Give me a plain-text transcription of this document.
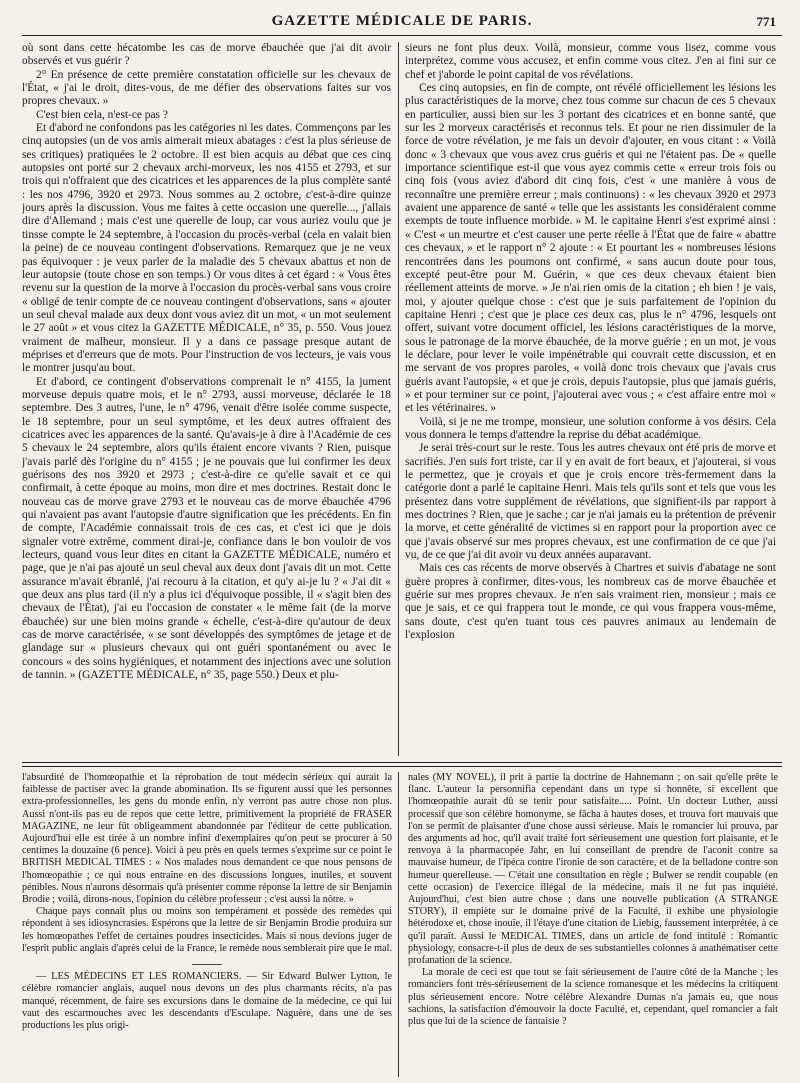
GAZETTE MÉDICALE DE PARIS.	771

où sont dans cette hécatombe les cas de morve ébauchée que j'ai dit avoir observés et vus guérir ?

2° En présence de cette première constatation officielle sur les chevaux de l'État, « j'ai le droit, dites-vous, de me défier des observations faites sur vos propres chevaux. »

C'est bien cela, n'est-ce pas ?

Et d'abord ne confondons pas les catégories ni les dates. Commençons par les cinq autopsies (un de vos amis aimerait mieux abatages : c'est la plus sérieuse de ses critiques) pratiquées le 2 octobre. Il est bien acquis au débat que ces cinq autopsies ont porté sur 2 chevaux archi-morveux, les nos 4155 et 2793, et sur trois qui n'offraient que des cicatrices et les apparences de la plus complète santé : les nos 4796, 3920 et 2973. Nous sommes au 2 octobre, c'est-à-dire quinze jours après la discussion. Vous me faites à cette occasion une querelle..., j'allais dire d'Allemand ; mais c'est une querelle de loup, car vous auriez voulu que je tinsse compte le 24 septembre, à l'occasion du procès-verbal (cela en valait bien la peine) de ce nouveau contingent d'observations. Remarquez que je ne veux pas équivoquer : je veux parler de la maladie des 5 chevaux abattus et non de leur autopsie (toute chose en son temps.) Or vous dites à cet égard : « Vous êtes revenu sur la question de la morve à l'occasion du procès-verbal sans vous croire « obligé de tenir compte de ce nouveau contingent d'observations, sans « ajouter un seul cheval malade aux deux dont vous aviez dit un mot, « un mot seulement le 27 août » et vous citez la GAZETTE MÉDICALE, n° 35, p. 550. Vous jouez vraiment de malheur, monsieur. Il y a dans ce passage presque autant de méprises et d'erreurs que de mots. Pour l'instruction de vos lecteurs, je vais vous le montrer jusqu'au bout.

Et d'abord, ce contingent d'observations comprenait le n° 4155, la jument morveuse depuis quatre mois, et le n° 2793, aussi morveuse, déclarée le 18 septembre. Des 3 autres, l'une, le n° 4796, venait d'être isolée comme suspecte, le 18 septembre, pour un seul symptôme, et les deux autres offraient des cicatrices avec les apparences de la santé. Qu'avais-je à dire à l'Académie de ces 5 chevaux le 24 septembre, alors qu'ils étaient encore vivants ? Rien, puisque j'avais parlé dès l'origine du n° 4155 ; je ne pouvais que lui confirmer les deux guérisons des nos 3920 et 2973 ; c'est-à-dire ce qu'elle savait et ce qui confirmait, à cette époque au moins, mon dire et mes doctrines. Restait donc le nouveau cas de morve grave 2793 et le nouveau cas de morve ébauchée 4796 qui n'avaient pas avant l'autopsie d'autre signification que les précédents. En fin de compte, l'Académie connaissait trois de ces cas, et c'est ici que je dois signaler votre extrême, comment dirai-je, confiance dans le bon vouloir de vos lecteurs, quand vous leur dites en citant la GAZETTE MÉDICALE, numéro et page, que je n'ai pas ajouté un seul cheval aux deux dont j'avais dit un mot. Cette assurance m'avait ébranlé, j'ai recouru à la citation, et qu'y ai-je lu ? « J'ai dit « que deux ans plus tard (il n'y a plus ici d'équivoque possible, il « s'agit bien des chevaux de l'État), j'ai eu l'occasion de constater « le même fait (de la morve ébauchée) sur une bien moins grande « échelle, c'est-à-dire qu'autour de deux cas de morve caractérisée, « se sont développés des symptômes de jetage et de glandage sur « plusieurs chevaux qui ont guéri spontanément ou avec le concours « des soins hygiéniques, et notamment des injections avec une solution de tannin. » (GAZETTE MÉDICALE, n° 35, page 550.) Deux et plu-

sieurs ne font plus deux. Voilà, monsieur, comme vous lisez, comme vous interprétez, comme vous accusez, et enfin comme vous citez. J'en ai fini sur ce chef et j'aborde le point capital de vos révélations.

Ces cinq autopsies, en fin de compte, ont révélé officiellement les lésions les plus caractéristiques de la morve, chez tous comme sur chacun de ces 5 chevaux en particulier, aussi bien sur les 3 portant des cicatrices et en bonne santé, que sur les 2 morveux caractérisés et reconnus tels. Et pour ne rien dissimuler de la force de votre révélation, je me fais un devoir d'ajouter, en vous citant : « Voilà donc « 3 chevaux que vous avez crus guéris et qui ne l'étaient pas. De « quelle importance scientifique est-il que vous ayez commis cette « erreur trois fois ou cinq fois (vous aviez d'abord dit cinq fois, c'est « une manière à vous de reconnaître une première erreur ; mais continuons) : « les chevaux 3920 et 2973 avaient une apparence de santé « telle que les assistants les considéraient comme exempts de toute influence morbide. » M. le capitaine Henri s'est exprimé ainsi : « C'est « un meurtre et c'est causer une perte réelle à l'État que de faire « abattre ces chevaux, » et le rapport n° 2 ajoute : « Et pourtant les « nombreuses lésions rencontrées dans les poumons ont confirmé, « sans aucun doute pour tous, excepté peut-être pour M. Guérin, « que ces deux chevaux étaient bien réellement atteints de morve. » Je n'ai rien omis de la citation ; eh bien ! je vais, moi, y ajouter quelque chose : c'est que je suis parfaitement de l'opinion du capitaine Henri ; c'est que je place ces deux cas, plus le n° 4796, lesquels ont offert, suivant votre document officiel, les lésions caractéristiques de la morve, sous le patronage de la morve ébauchée, de la morve guérie ; en un mot, je vous le déclare, pour lever le voile impénétrable qui couvrait cette discussion, et en me servant de vos propres paroles, « voilà donc trois chevaux que j'avais crus guéris avant l'autopsie, « et que je crois, depuis l'autopsie, plus que jamais guéris, » et pour terminer sur ce point, j'ajouterai avec vous ; « c'est affaire entre moi « et les vétérinaires. »

Voilà, si je ne me trompe, monsieur, une solution conforme à vos désirs. Cela vous donnera le temps d'attendre la reprise du débat académique.

Je serai très-court sur le reste. Tous les autres chevaux ont été pris de morve et sacrifiés. J'en suis fort triste, car il y en avait de fort beaux, et j'ajouterai, si vous le permettez, que je croyais et que je crois encore très-fermement dans la catégorie dont a parlé le capitaine Henri. Mais tels qu'ils sont et tels que vous les présentez dans votre supplément de révélations, que signifient-ils par rapport à mes doctrines ? Rien, que je sache ; car je n'ai jamais eu la prétention de prévenir la morve, et cette généralité de victimes si en rapport pour la proportion avec ce que j'avais observé sur mes propres chevaux, est une confirmation de ce que j'ai vu, de ce que j'ai dit avoir vu deux années auparavant.

Mais ces cas récents de morve observés à Chartres et suivis d'abatage ne sont guère propres à confirmer, dites-vous, les nombreux cas de morve ébauchée et guérie sur mes propres chevaux. Je n'en sais vraiment rien, monsieur ; mais ce que je sais, et ce qui frappera tout le monde, ce qui vous frappera vous-même, sans doute, c'est qu'en tuant tous ces pauvres animaux au lendemain de l'explosion

l'absurdité de l'homœopathie et la réprobation de tout médecin sérieux qui aurait la faiblesse de pactiser avec la grande abomination. Ils se figurent aussi que les personnes extra-professionnelles, les gens du monde enfin, n'y verront pas autre chose non plus. Aussi n'ont-ils pas eu de repos que cette lettre, primitivement la propriété de FRASER MAGAZINE, ne leur fût obligeamment abandonnée par l'éditeur de cette publication. Aujourd'hui elle est tirée à un nombre infini d'exemplaires qu'on peut se procurer à 50 centimes la douzaine (6 pence). Voici à peu près en quels termes s'exprime sur ce point le BRITISH MEDICAL TIMES : « Nos malades nous demandent ce que nous pensons de l'homœopathie ; ce qui nous entraîne en des discussions longues, inutiles, et souvent pénibles. Nous n'aurons désormais qu'à présenter comme réponse la lettre de sir Benjamin Brodie ; voilà, dirons-nous, l'opinion du célèbre professeur ; c'est aussi la nôtre. »

Chaque pays connaît plus ou moins son tempérament et possède des remèdes qui répondent à ses idiosyncrasies. Espérons que la lettre de sir Benjamin Brodie produira sur les homœopathes l'effet de certaines poudres insecticides. Mais si nous devions juger de l'esprit public anglais d'après celui de la France, le remède nous semblerait pire que le mal.

— LES MÉDECINS ET LES ROMANCIERS. — Sir Edward Bulwer Lytton, le célèbre romancier anglais, auquel nous devons un des plus charmants récits, n'a pas manqué, récemment, de faire ses excursions dans le domaine de la médecine, ce qui lui vaut des escarmouches avec les descendants d'Esculape. Naguère, dans une de ses productions les plus origi-

nales (MY NOVEL), il prit à partie la doctrine de Hahnemann ; on sait qu'elle prête le flanc. L'auteur la personnifia cependant dans un type si honnête, si excellent que l'homœopathie aurait dû se tenir pour satisfaite..... Point. Un docteur Luther, aussi processif que son célèbre homonyme, se fâcha à hautes doses, et trouva fort mauvais que l'on se permît de plaisanter d'une chose aussi sérieuse. Mais le romancier lui prouva, par des arguments ad hoc, qu'il avait traité fort sérieusement une question fort plaisante, et le renvoya à la pharmacopée Jahr, en lui conseillant de prendre de l'aconit contre sa mauvaise humeur, de l'ipéca contre l'ironie de son caractère, et de la belladone contre son humeur querelleuse. — C'était une consultation en règle ; Bulwer se rendit coupable (en cette occasion) de l'exercice illégal de la médecine, mais il ne fut pas inquiété. Aujourd'hui, c'est bien autre chose ; dans une nouvelle publication (A STRANGE STORY), il empiète sur le domaine privé de la Faculté, il exhibe une physiologie hétérodoxe et, chose inouïe, il l'étaye d'une citation de Liebig, faussement interprétée, à ce qu'il paraît. Aussi le MEDICAL TIMES, dans un article de fond intitulé : Romantic physiology, consacre-t-il plus de deux de ses substantielles colonnes à anathématiser cette profanation de la science.

La morale de ceci est que tout se fait sérieusement de l'autre côté de la Manche ; les romanciers font très-sérieusement de la science romanesque et les médecins la critiquent plus sérieusement encore. Notre célèbre Alexandre Dumas n'a jamais eu, que nous sachions, la satisfaction d'émouvoir la docte Faculté, et, cependant, quel romancier a fait plus que lui de la science de fantaisie ?
